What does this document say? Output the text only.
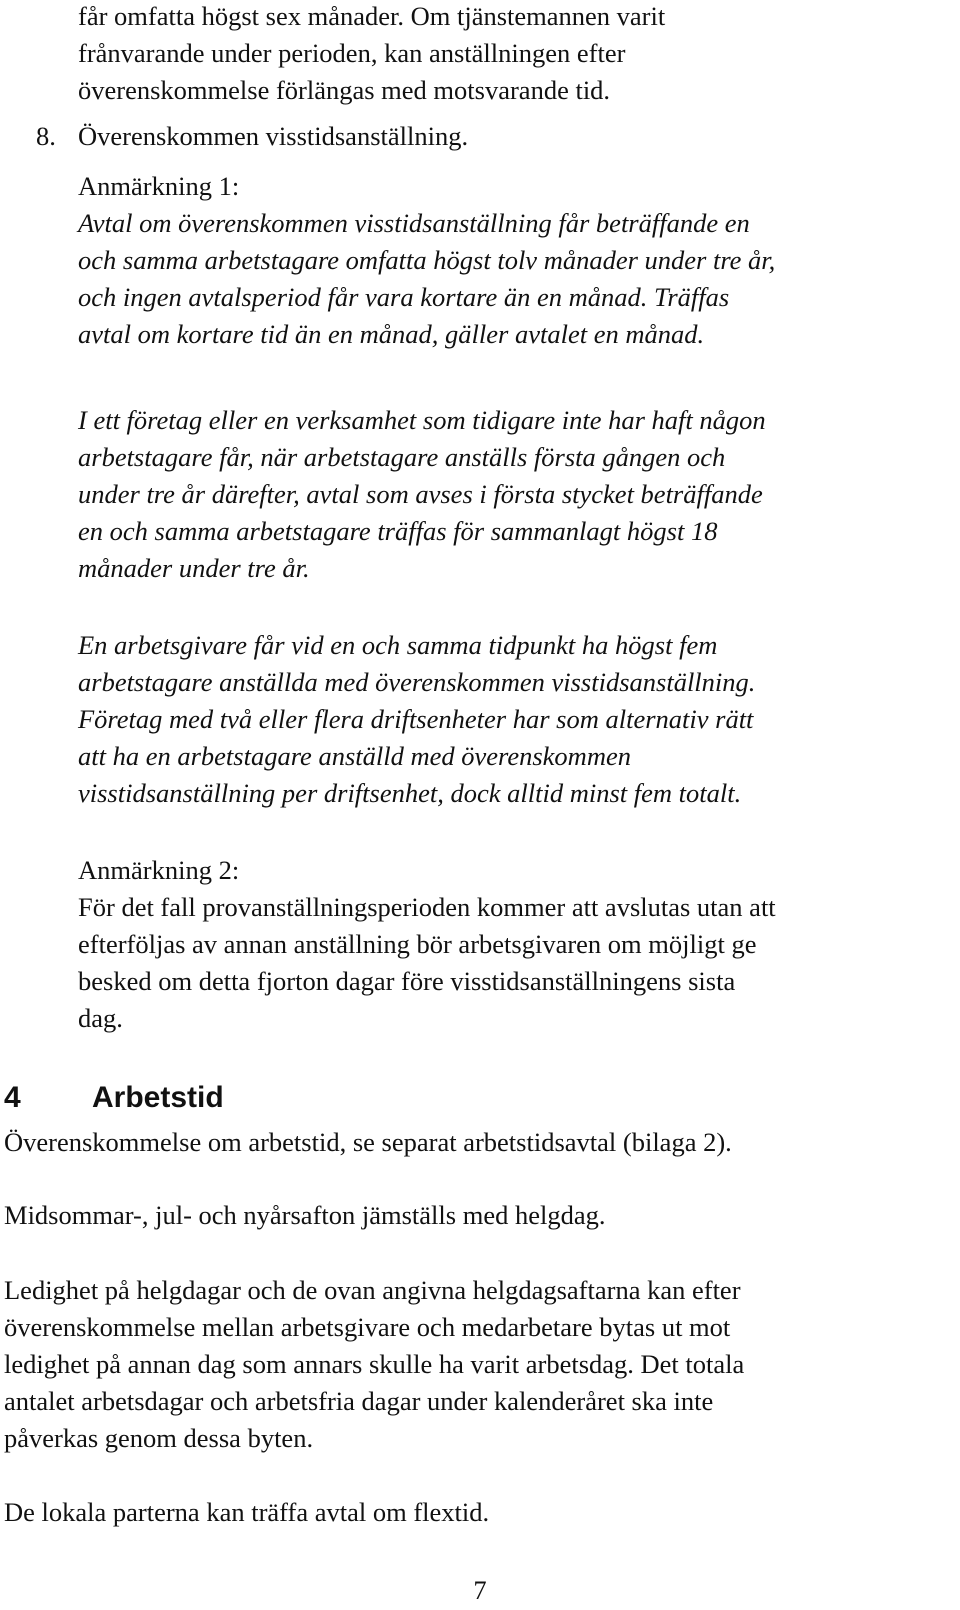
får omfatta högst sex månader. Om tjänstemannen varit
frånvarande under perioden, kan anställningen efter
överenskommelse förlängas med motsvarande tid.
8. Överenskommen visstidsanställning.
Anmärkning 1:
Avtal om överenskommen visstidsanställning får beträffande en
och samma arbetstagare omfatta högst tolv månader under tre år,
och ingen avtalsperiod får vara kortare än en månad. Träffas
avtal om kortare tid än en månad, gäller avtalet en månad.
I ett företag eller en verksamhet som tidigare inte har haft någon
arbetstagare får, när arbetstagare anställs första gången och
under tre år därefter, avtal som avses i första stycket beträffande
en och samma arbetstagare träffas för sammanlagt högst 18
månader under tre år.
En arbetsgivare får vid en och samma tidpunkt ha högst fem
arbetstagare anställda med överenskommen visstidsanställning.
Företag med två eller flera driftsenheter har som alternativ rätt
att ha en arbetstagare anställd med överenskommen
visstidsanställning per driftsenhet, dock alltid minst fem totalt.
Anmärkning 2:
För det fall provanställningsperioden kommer att avslutas utan att
efterföljas av annan anställning bör arbetsgivaren om möjligt ge
besked om detta fjorton dagar före visstidsanställningens sista
dag.
4 Arbetstid
Överenskommelse om arbetstid, se separat arbetstidsavtal (bilaga 2).
Midsommar-, jul- och nyårsafton jämställs med helgdag.
Ledighet på helgdagar och de ovan angivna helgdagsaftarna kan efter
överenskommelse mellan arbetsgivare och medarbetare bytas ut mot
ledighet på annan dag som annars skulle ha varit arbetsdag. Det totala
antalet arbetsdagar och arbetsfria dagar under kalenderåret ska inte
påverkas genom dessa byten.
De lokala parterna kan träffa avtal om flextid.
7
